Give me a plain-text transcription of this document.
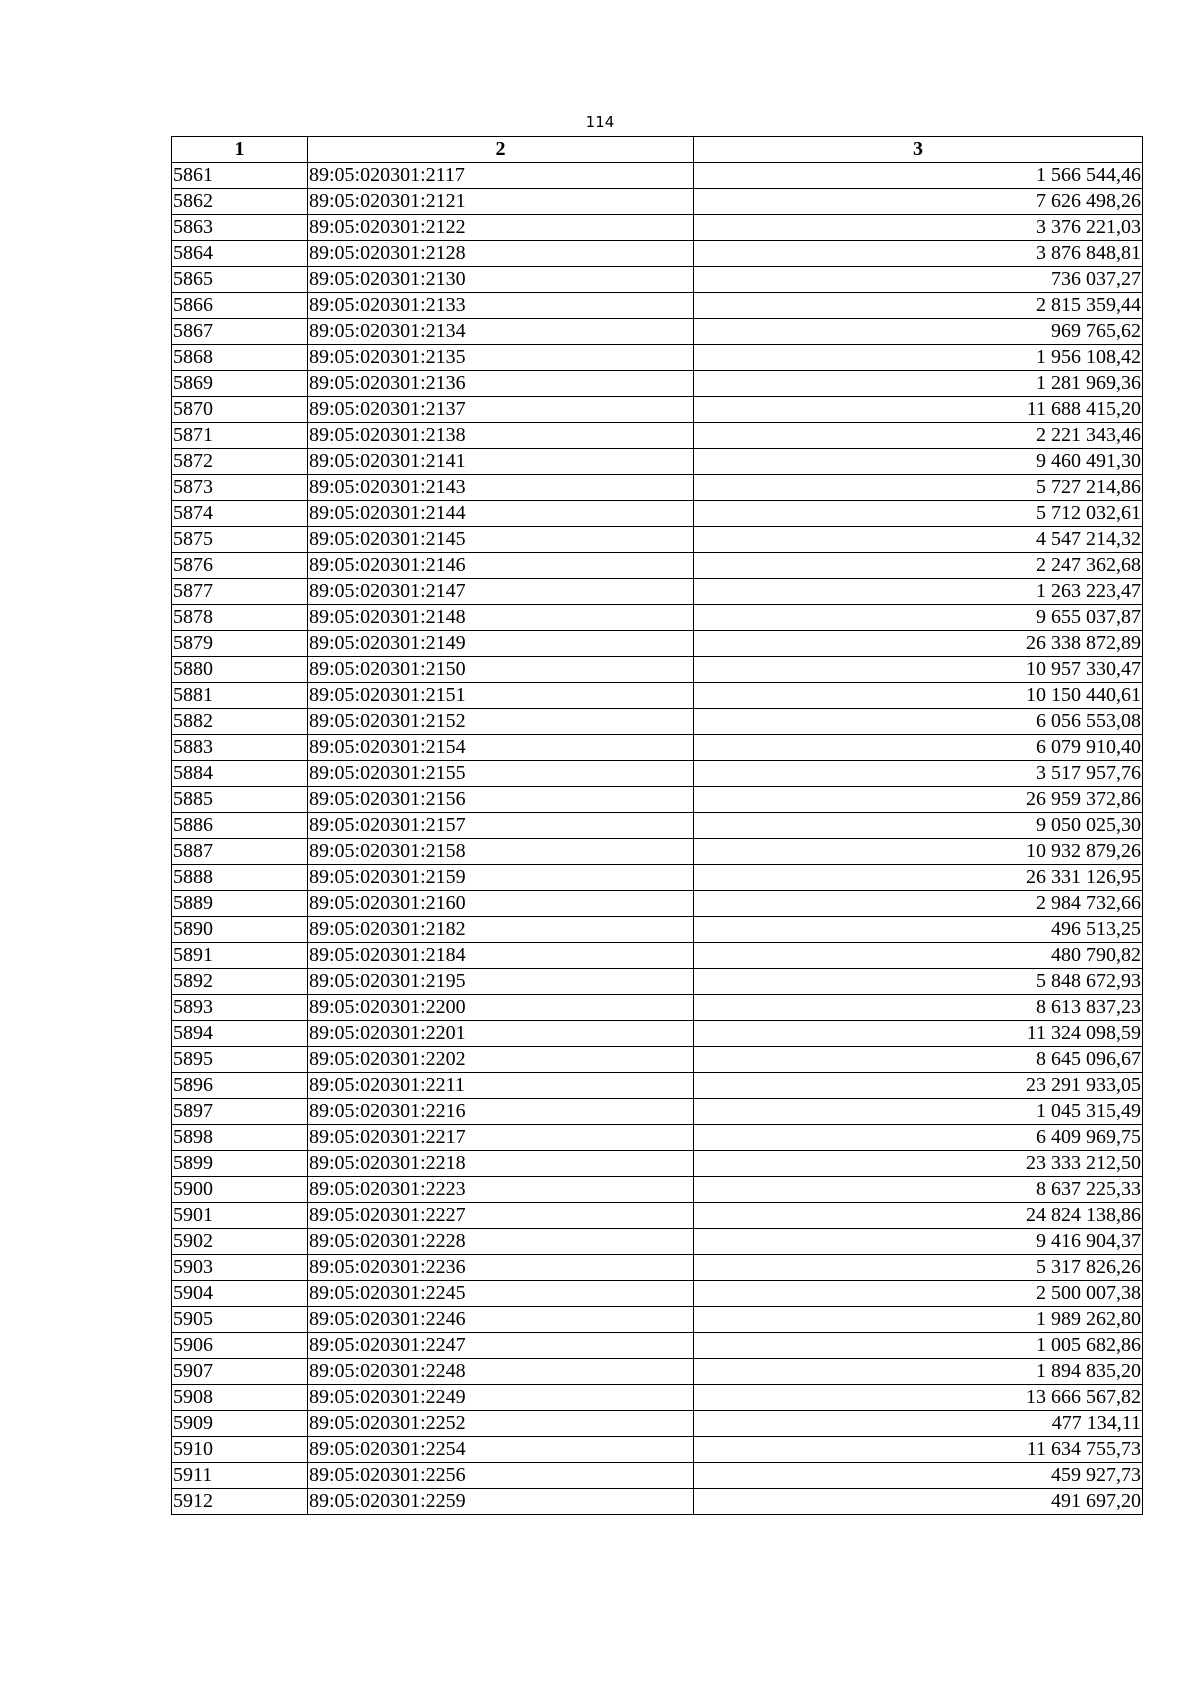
114
1	2	3
5861	89:05:020301:2117	1 566 544,46
5862	89:05:020301:2121	7 626 498,26
5863	89:05:020301:2122	3 376 221,03
5864	89:05:020301:2128	3 876 848,81
5865	89:05:020301:2130	736 037,27
5866	89:05:020301:2133	2 815 359,44
5867	89:05:020301:2134	969 765,62
5868	89:05:020301:2135	1 956 108,42
5869	89:05:020301:2136	1 281 969,36
5870	89:05:020301:2137	11 688 415,20
5871	89:05:020301:2138	2 221 343,46
5872	89:05:020301:2141	9 460 491,30
5873	89:05:020301:2143	5 727 214,86
5874	89:05:020301:2144	5 712 032,61
5875	89:05:020301:2145	4 547 214,32
5876	89:05:020301:2146	2 247 362,68
5877	89:05:020301:2147	1 263 223,47
5878	89:05:020301:2148	9 655 037,87
5879	89:05:020301:2149	26 338 872,89
5880	89:05:020301:2150	10 957 330,47
5881	89:05:020301:2151	10 150 440,61
5882	89:05:020301:2152	6 056 553,08
5883	89:05:020301:2154	6 079 910,40
5884	89:05:020301:2155	3 517 957,76
5885	89:05:020301:2156	26 959 372,86
5886	89:05:020301:2157	9 050 025,30
5887	89:05:020301:2158	10 932 879,26
5888	89:05:020301:2159	26 331 126,95
5889	89:05:020301:2160	2 984 732,66
5890	89:05:020301:2182	496 513,25
5891	89:05:020301:2184	480 790,82
5892	89:05:020301:2195	5 848 672,93
5893	89:05:020301:2200	8 613 837,23
5894	89:05:020301:2201	11 324 098,59
5895	89:05:020301:2202	8 645 096,67
5896	89:05:020301:2211	23 291 933,05
5897	89:05:020301:2216	1 045 315,49
5898	89:05:020301:2217	6 409 969,75
5899	89:05:020301:2218	23 333 212,50
5900	89:05:020301:2223	8 637 225,33
5901	89:05:020301:2227	24 824 138,86
5902	89:05:020301:2228	9 416 904,37
5903	89:05:020301:2236	5 317 826,26
5904	89:05:020301:2245	2 500 007,38
5905	89:05:020301:2246	1 989 262,80
5906	89:05:020301:2247	1 005 682,86
5907	89:05:020301:2248	1 894 835,20
5908	89:05:020301:2249	13 666 567,82
5909	89:05:020301:2252	477 134,11
5910	89:05:020301:2254	11 634 755,73
5911	89:05:020301:2256	459 927,73
5912	89:05:020301:2259	491 697,20
